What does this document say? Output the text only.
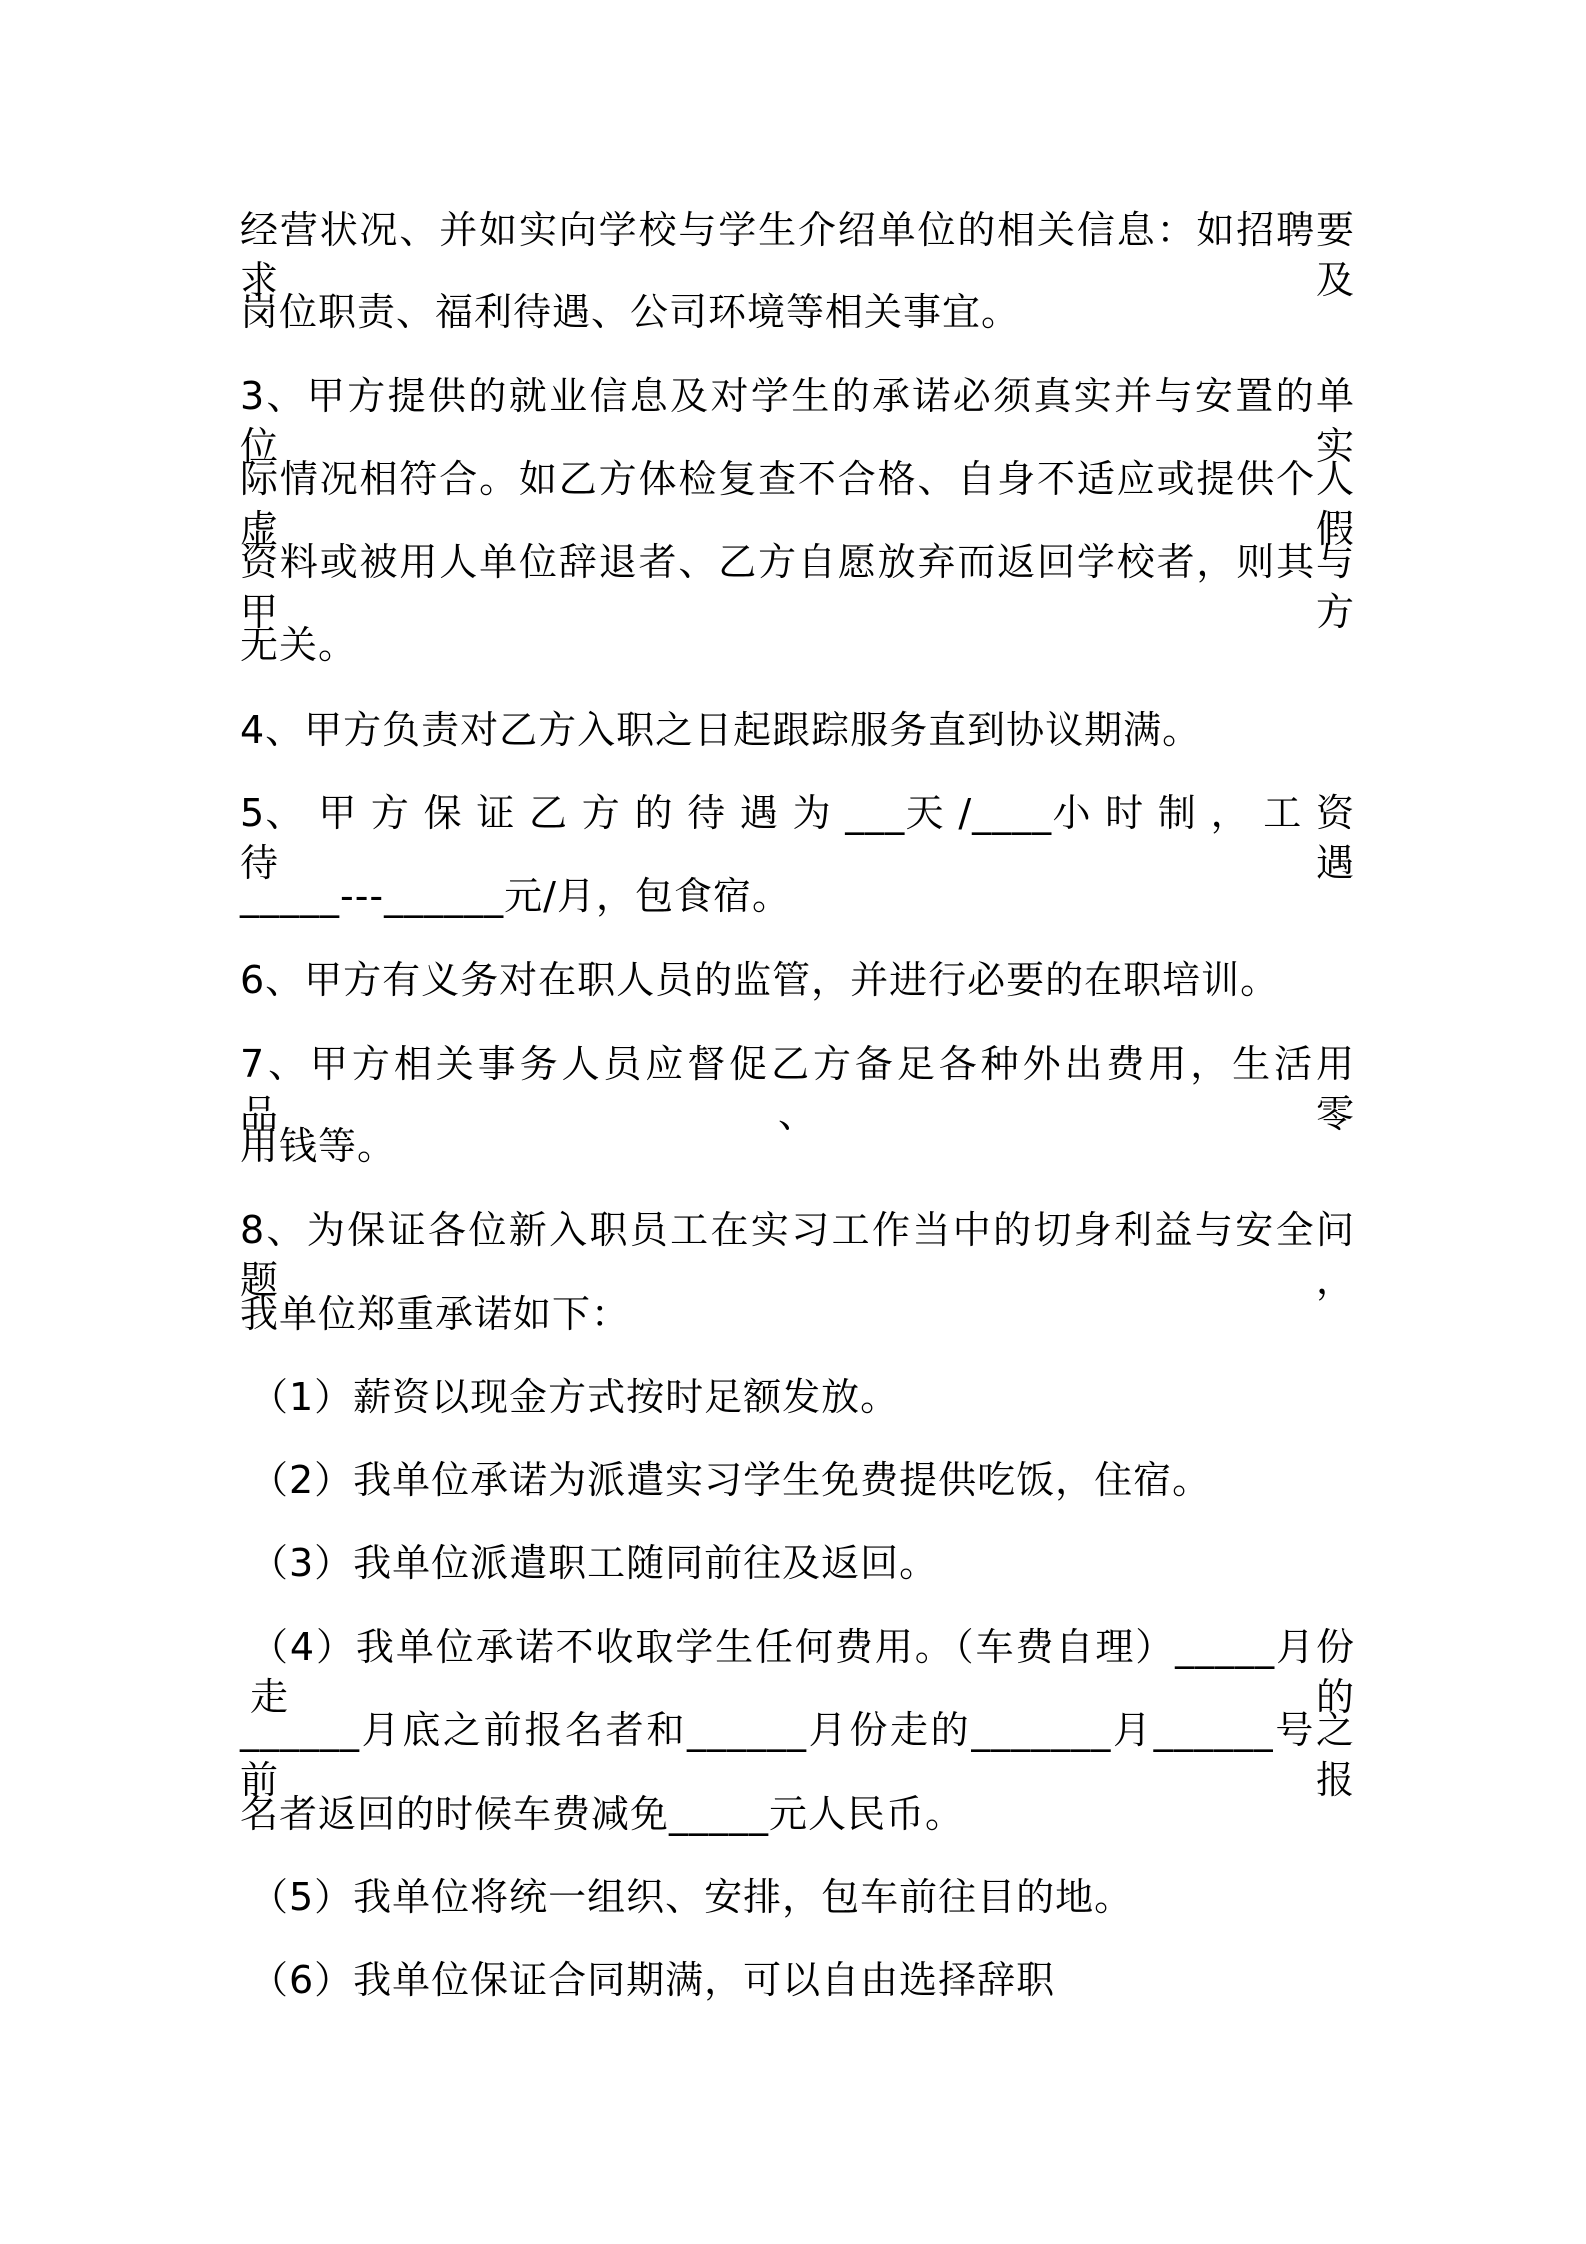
经营状况、并如实向学校与学生介绍单位的相关信息：如招聘要求及
岗位职责、福利待遇、公司环境等相关事宜。
3、甲方提供的就业信息及对学生的承诺必须真实并与安置的单位实
际情况相符合。如乙方体检复查不合格、自身不适应或提供个人虚假
资料或被用人单位辞退者、乙方自愿放弃而返回学校者，则其与甲方
无关。
4、甲方负责对乙方入职之日起跟踪服务直到协议期满。
5、 甲 方 保 证 乙 方 的 待 遇 为 ___天 /____小 时 制 ， 工 资 待 遇
_____---______元/月，包食宿。
6、甲方有义务对在职人员的监管，并进行必要的在职培训。
7、甲方相关事务人员应督促乙方备足各种外出费用，生活用品、零
用钱等。
8、为保证各位新入职员工在实习工作当中的切身利益与安全问题，
我单位郑重承诺如下：
（1）薪资以现金方式按时足额发放。
（2）我单位承诺为派遣实习学生免费提供吃饭，住宿。
（3）我单位派遣职工随同前往及返回。
（4）我单位承诺不收取学生任何费用。（车费自理）_____月份走的
______月底之前报名者和______月份走的_______月______号之前报
名者返回的时候车费减免_____元人民币。
（5）我单位将统一组织、安排，包车前往目的地。
（6）我单位保证合同期满，可以自由选择辞职
